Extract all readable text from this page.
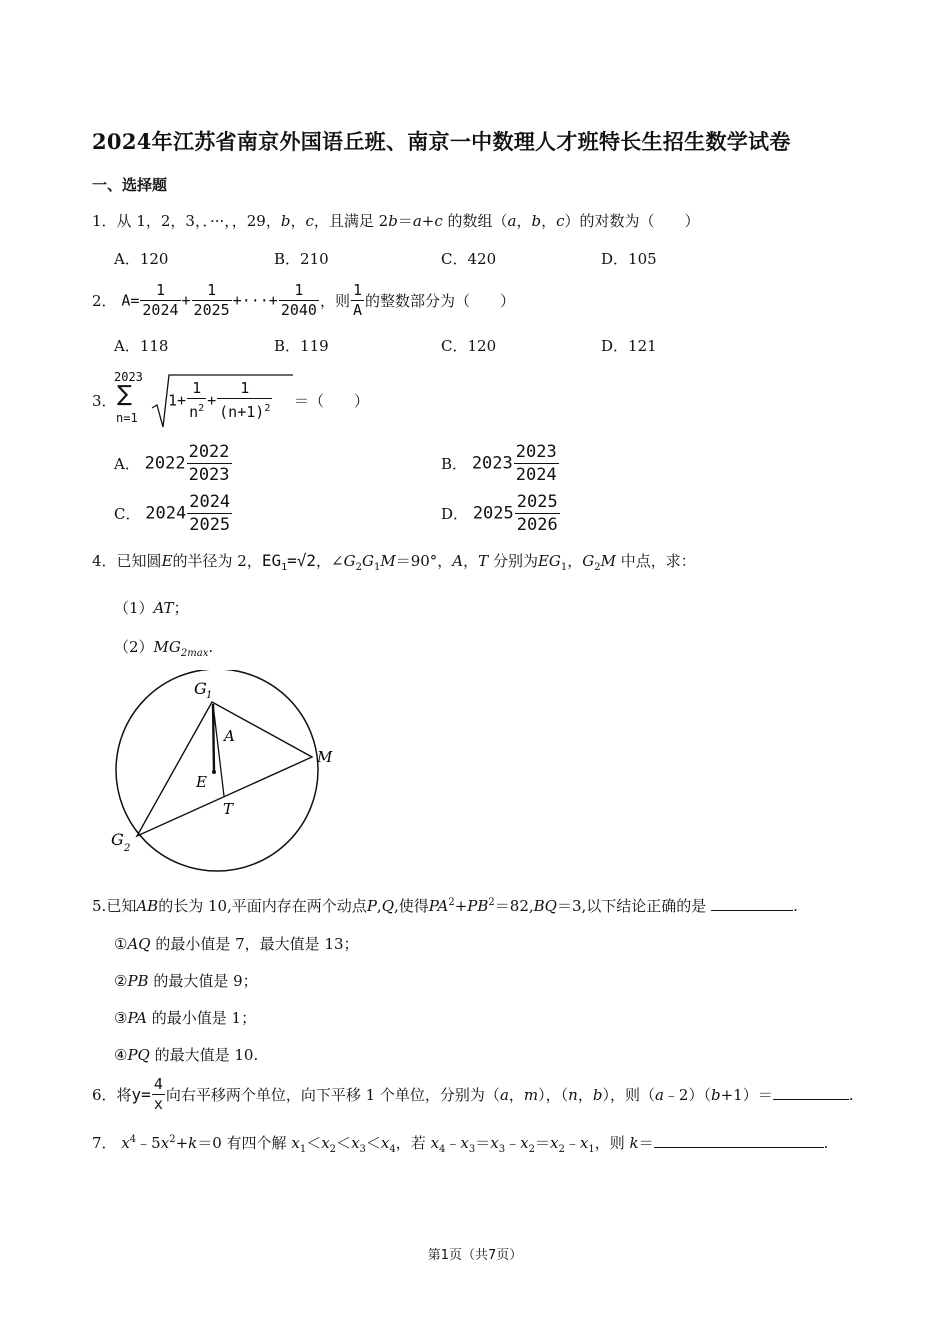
2024年江苏省南京外国语丘班、南京一中数理人才班特长生招生数学试卷
一、选择题
1．从 1，2，3，．···，，29，b，c，且满足 2b＝a+c 的数组（a，b，c）的对数为（　　）
A．120	B．210	C．420	D．105
2． $A= \frac{1}{2024} + \frac{1}{2025}$ +···+ $\frac{1}{2040}$ ，则 $\frac{1}{A}$ 的整数部分为（　　）
A．118	B．119	C．120	D．121
3．
2023
∑
n=1
$1+ \frac{1}{n^2} + \frac{1}{(n+1)^2}$ ＝（　　）
A． $2022 \frac{2022}{2023}$	B． $2023 \frac{2023}{2024}$
C． $2024 \frac{2024}{2025}$	D． $2025 \frac{2025}{2026}$
4．已知圆E的半径为 2，$EG_1=√2$，$\angle G_2G_1M=90^\circ$，A，T 分别为$EG_1$，$G_2M$ 中点，求：
（1）AT；
$(2)MG_{2max}$.
G 1
A
M
E
T
G 2
5.已知AB的长为 10,平面内存在两个动点P,Q,使得$PA^2+PB^2=82,BQ=3$,以下结论正确的是	.
①AQ 的最小值是 7，最大值是 13；
②PB 的最大值是 9；
③PA 的最小值是 1；
④PQ 的最大值是 10.
6．将$y= \frac{4}{x}$ 向右平移两个单位，向下平移 1 个单位，分别为（a，m），（n，b），则（a﹣2）（b+1）＝	.
7． $x^4﹣5x^2+k=0$ 有四个解 $x_1<x_2<x_3<x_4$，若 $x_4﹣x_3=x_3﹣x_2=x_2﹣x_1$，则 k＝	.
第1页（共7页）
